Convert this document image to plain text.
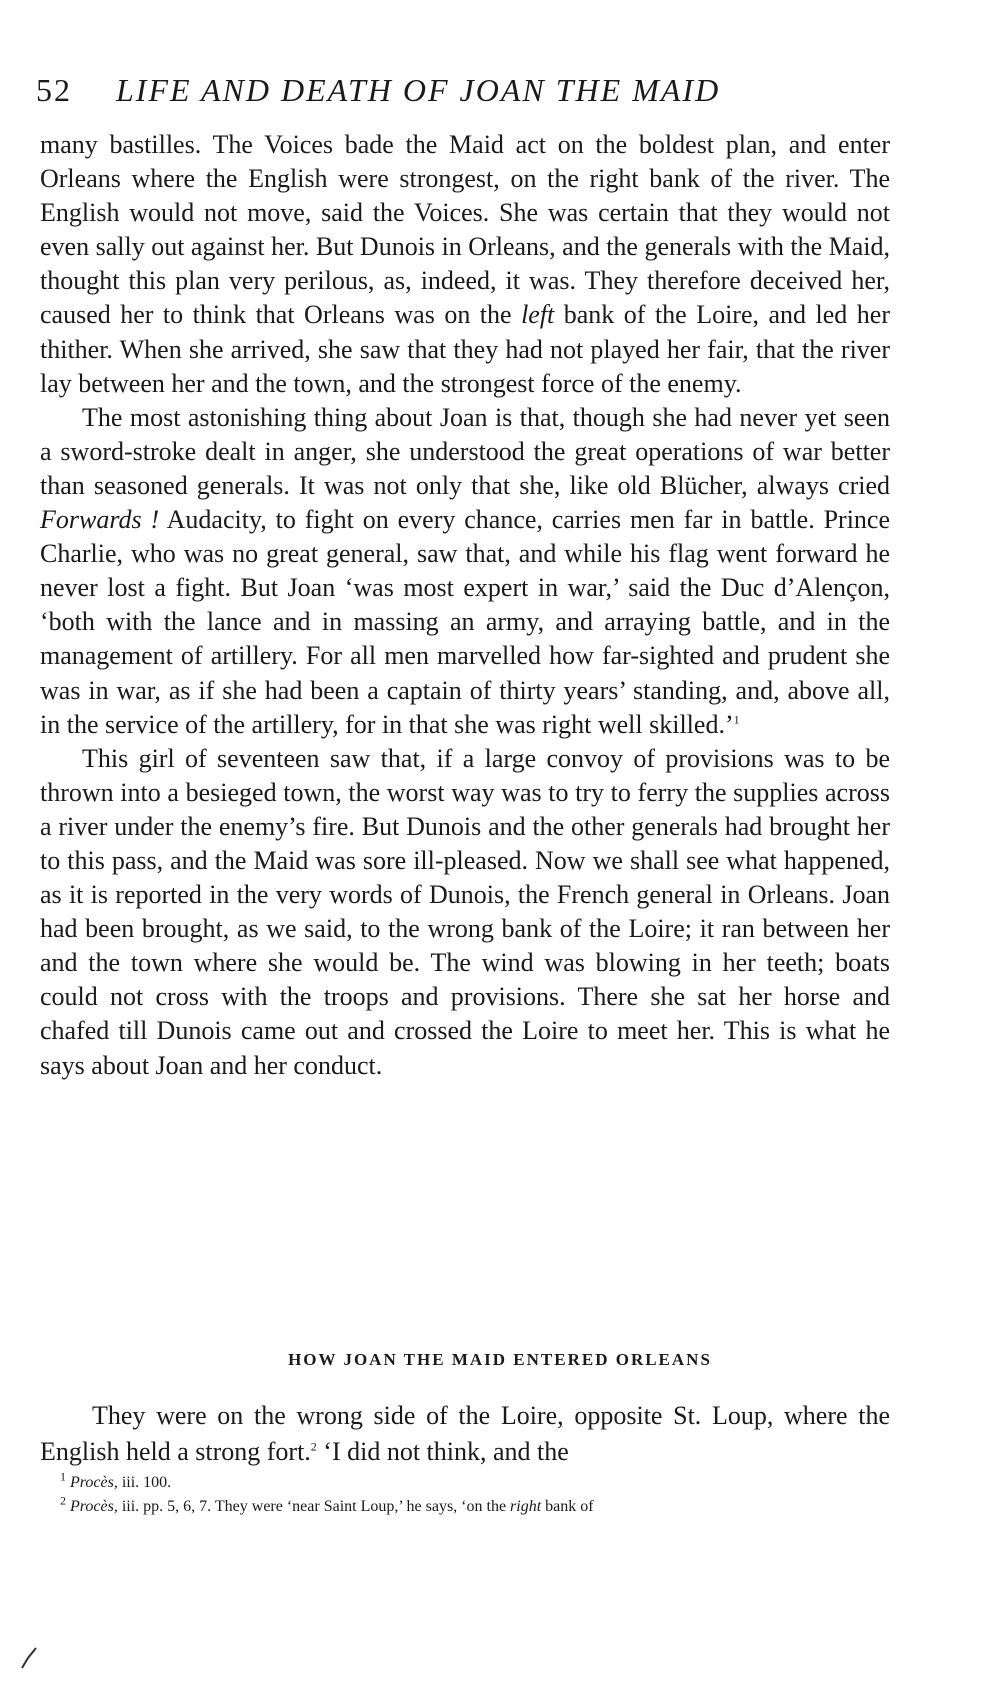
52 LIFE AND DEATH OF JOAN THE MAID

many bastilles. The Voices bade the Maid act on the boldest plan, and enter Orleans where the English were strongest, on the right bank of the river. The English would not move, said the Voices. She was certain that they would not even sally out against her. But Dunois in Orleans, and the generals with the Maid, thought this plan very perilous, as, indeed, it was. They therefore deceived her, caused her to think that Orleans was on the left bank of the Loire, and led her thither. When she arrived, she saw that they had not played her fair, that the river lay between her and the town, and the strongest force of the enemy.

The most astonishing thing about Joan is that, though she had never yet seen a sword-stroke dealt in anger, she understood the great operations of war better than seasoned generals. It was not only that she, like old Blücher, always cried Forwards ! Audacity, to fight on every chance, carries men far in battle. Prince Charlie, who was no great general, saw that, and while his flag went forward he never lost a fight. But Joan ‘was most expert in war,’ said the Duc d’Alençon, ‘both with the lance and in massing an army, and arraying battle, and in the management of artillery. For all men marvelled how far-sighted and prudent she was in war, as if she had been a captain of thirty years’ standing, and, above all, in the service of the artillery, for in that she was right well skilled.’$^1$

This girl of seventeen saw that, if a large convoy of provisions was to be thrown into a besieged town, the worst way was to try to ferry the supplies across a river under the enemy’s fire. But Dunois and the other generals had brought her to this pass, and the Maid was sore ill-pleased. Now we shall see what happened, as it is reported in the very words of Dunois, the French general in Orleans. Joan had been brought, as we said, to the wrong bank of the Loire; it ran between her and the town where she would be. The wind was blowing in her teeth; boats could not cross with the troops and provisions. There she sat her horse and chafed till Dunois came out and crossed the Loire to meet her. This is what he says about Joan and her conduct.

HOW JOAN THE MAID ENTERED ORLEANS

They were on the wrong side of the Loire, opposite St. Loup, where the English held a strong fort.$^2$ ‘I did not think, and the

$^1$ Procès, iii. 100.

$^2$ Procès, iii. pp. 5, 6, 7. They were ‘near Saint Loup,’ he says, ‘on the right bank of
